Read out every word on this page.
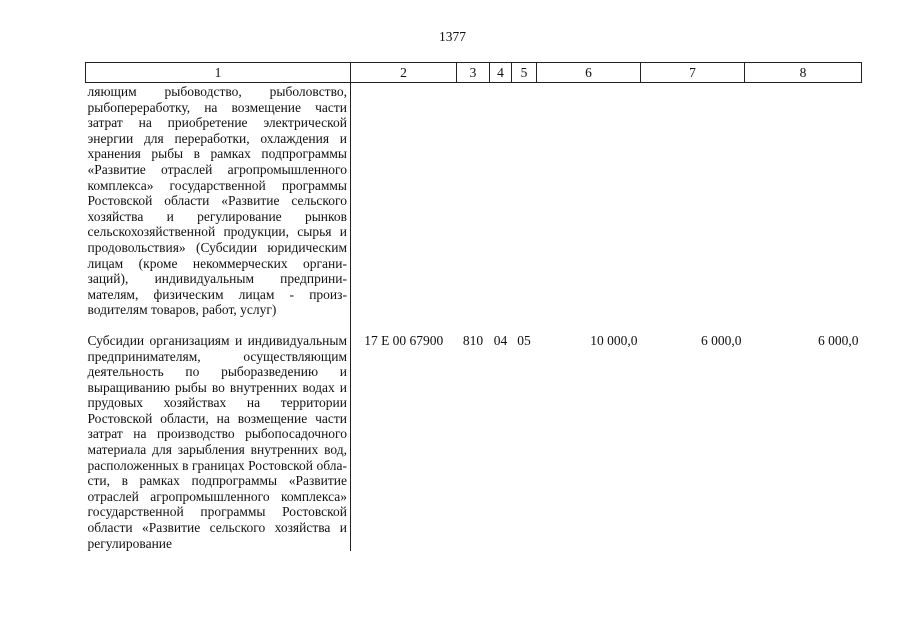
1377
1	2	3	4	5	6	7	8
ляющим рыбоводство, рыболовство, рыбопереработку, на возмещение части затрат на приобретение электрической энергии для переработки, охлаждения и хранения рыбы в рамках подпрограммы «Развитие отраслей агропромышленного комплекса» государственной программы Ростовской области «Развитие сельского хозяйства и регулирование рынков сельскохозяйственной продукции, сырья и продовольствия» (Субсидии юридическим лицам (кроме некоммерческих организаций), индивидуальным предпринимателям, физическим лицам - производителям товаров, работ, услуг)							
Субсидии организациям и индивидуальным предпринимателям, осуществляющим деятельность по рыборазведению и выращиванию рыбы во внутренних водах и прудовых хозяйствах на территории Ростовской области, на возмещение части затрат на производство рыбопосадочного материала для зарыбления внутренних вод, расположенных в границах Ростовской области, в рамках подпрограммы «Развитие отраслей агропромышленного комплекса» государственной программы Ростовской области «Развитие сельского хозяйства и регулирование	17 Е 00 67900	810	04	05	10 000,0	6 000,0	6 000,0
